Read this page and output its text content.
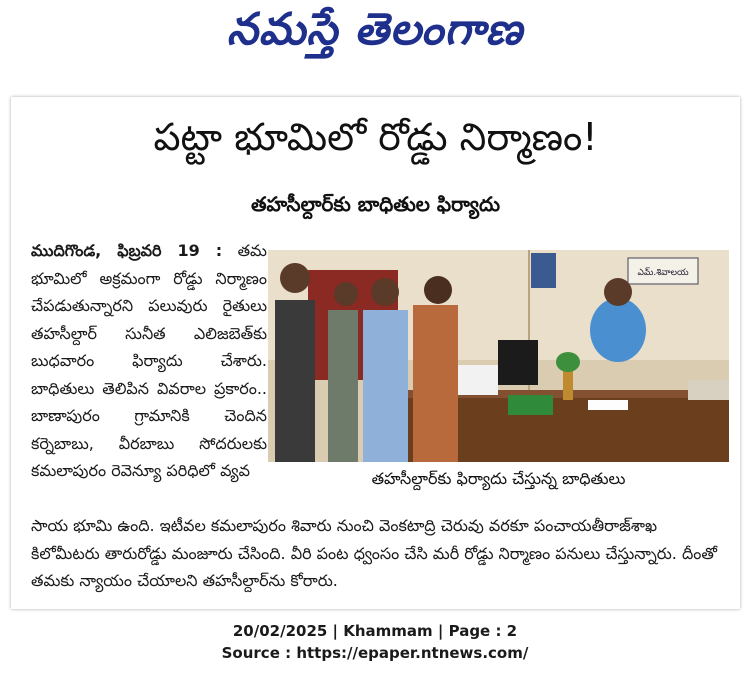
నమస్తే తెలంగాణ
పట్టా భూమిలో రోడ్డు నిర్మాణం!
తహసీల్దార్‌కు బాధితుల ఫిర్యాదు

ముదిగొండ, ఫిబ్రవరి 19 : తమ భూమిలో అక్రమంగా రోడ్డు నిర్మాణం చేపడుతున్నారని పలువురు రైతులు తహసీల్దార్ సునీత ఎలిజబెత్‌కు బుధవారం ఫిర్యాదు చేశారు. బాధితులు తెలిపిన వివరాల ప్రకారం.. బాణాపురం గ్రామానికి చెందిన కర్నెబాబు, వీరబాబు సోదరులకు కమలాపురం రెవెన్యూ పరిధిలో వ్యవ

ఎమ్‌.శివాలయ
తహసీల్దార్‌కు ఫిర్యాదు చేస్తున్న బాధితులు

సాయ భూమి ఉంది. ఇటీవల కమలాపురం శివారు నుంచి వెంకటాద్రి చెరువు వరకూ పంచాయతీరాజ్‌శాఖ కిలోమీటరు తారురోడ్డు మంజూరు చేసింది. వీరి పంట ధ్వంసం చేసి మరీ రోడ్డు నిర్మాణం పనులు చేస్తున్నారు. దీంతో తమకు న్యాయం చేయాలని తహసీల్దార్‌ను కోరారు.

20/02/2025 | Khammam | Page : 2
Source : https://epaper.ntnews.com/
